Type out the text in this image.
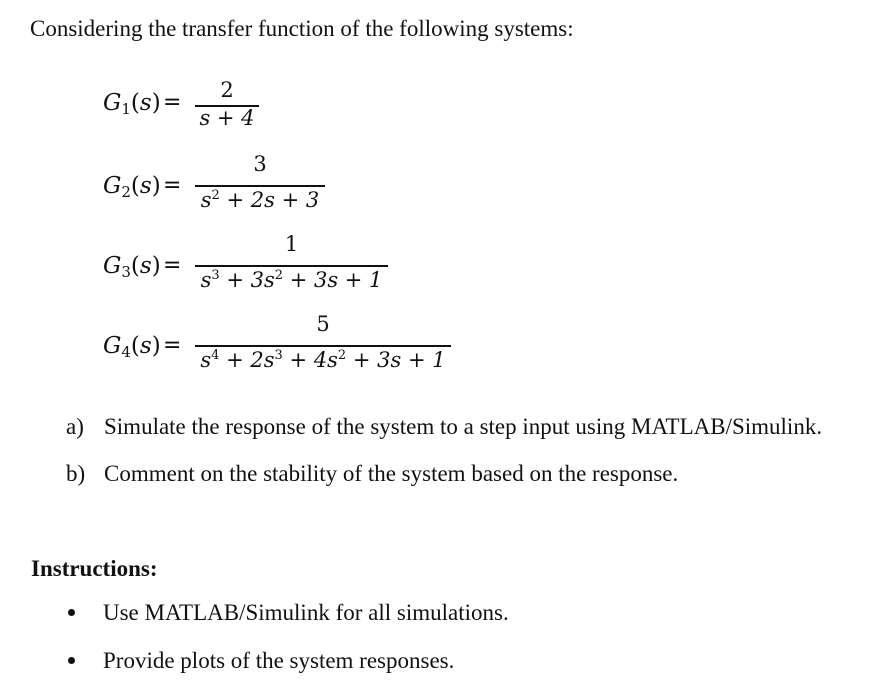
Considering the transfer function of the following systems:
$G_1(s)$ =	2
s + 4
$G_2(s)$ =
3
$s^2 + 2s + 3$
$G_3(s)$ =
1
$s^3 + 3s^2 + 3s + 1$
$G_4(s)$ =
5
$s^4 + 2s^3 + 4s^2 + 3s + 1$
a) Simulate the response of the system to a step input using MATLAB/Simulink.
b) Comment on the stability of the system based on the response.
Instructions:
Use MATLAB/Simulink for all simulations.
Provide plots of the system responses.
